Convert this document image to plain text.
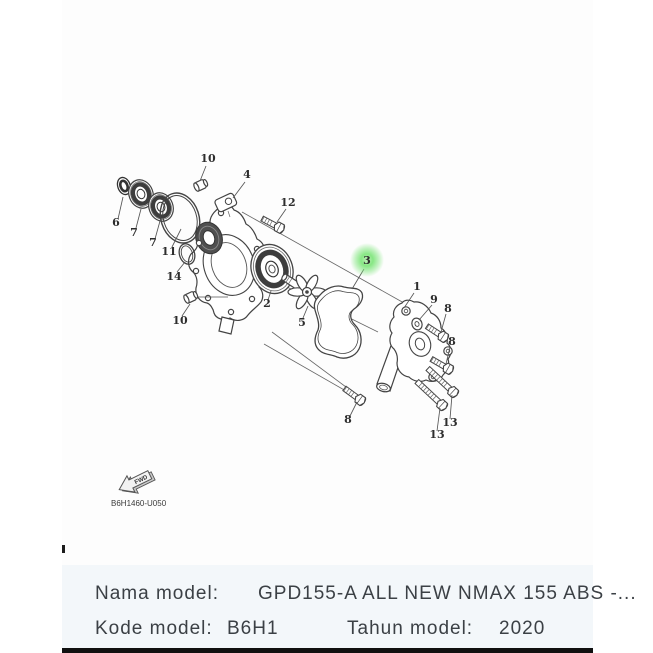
10
4
12
6
7
7
11
14
10
2
5
3
1
9
8
8
8	13
13
FWD
B6H1460-U050
Nama model: GPD155-A ALL NEW NMAX 155 ABS -...
Kode model: B6H1	Tahun model: 2020
